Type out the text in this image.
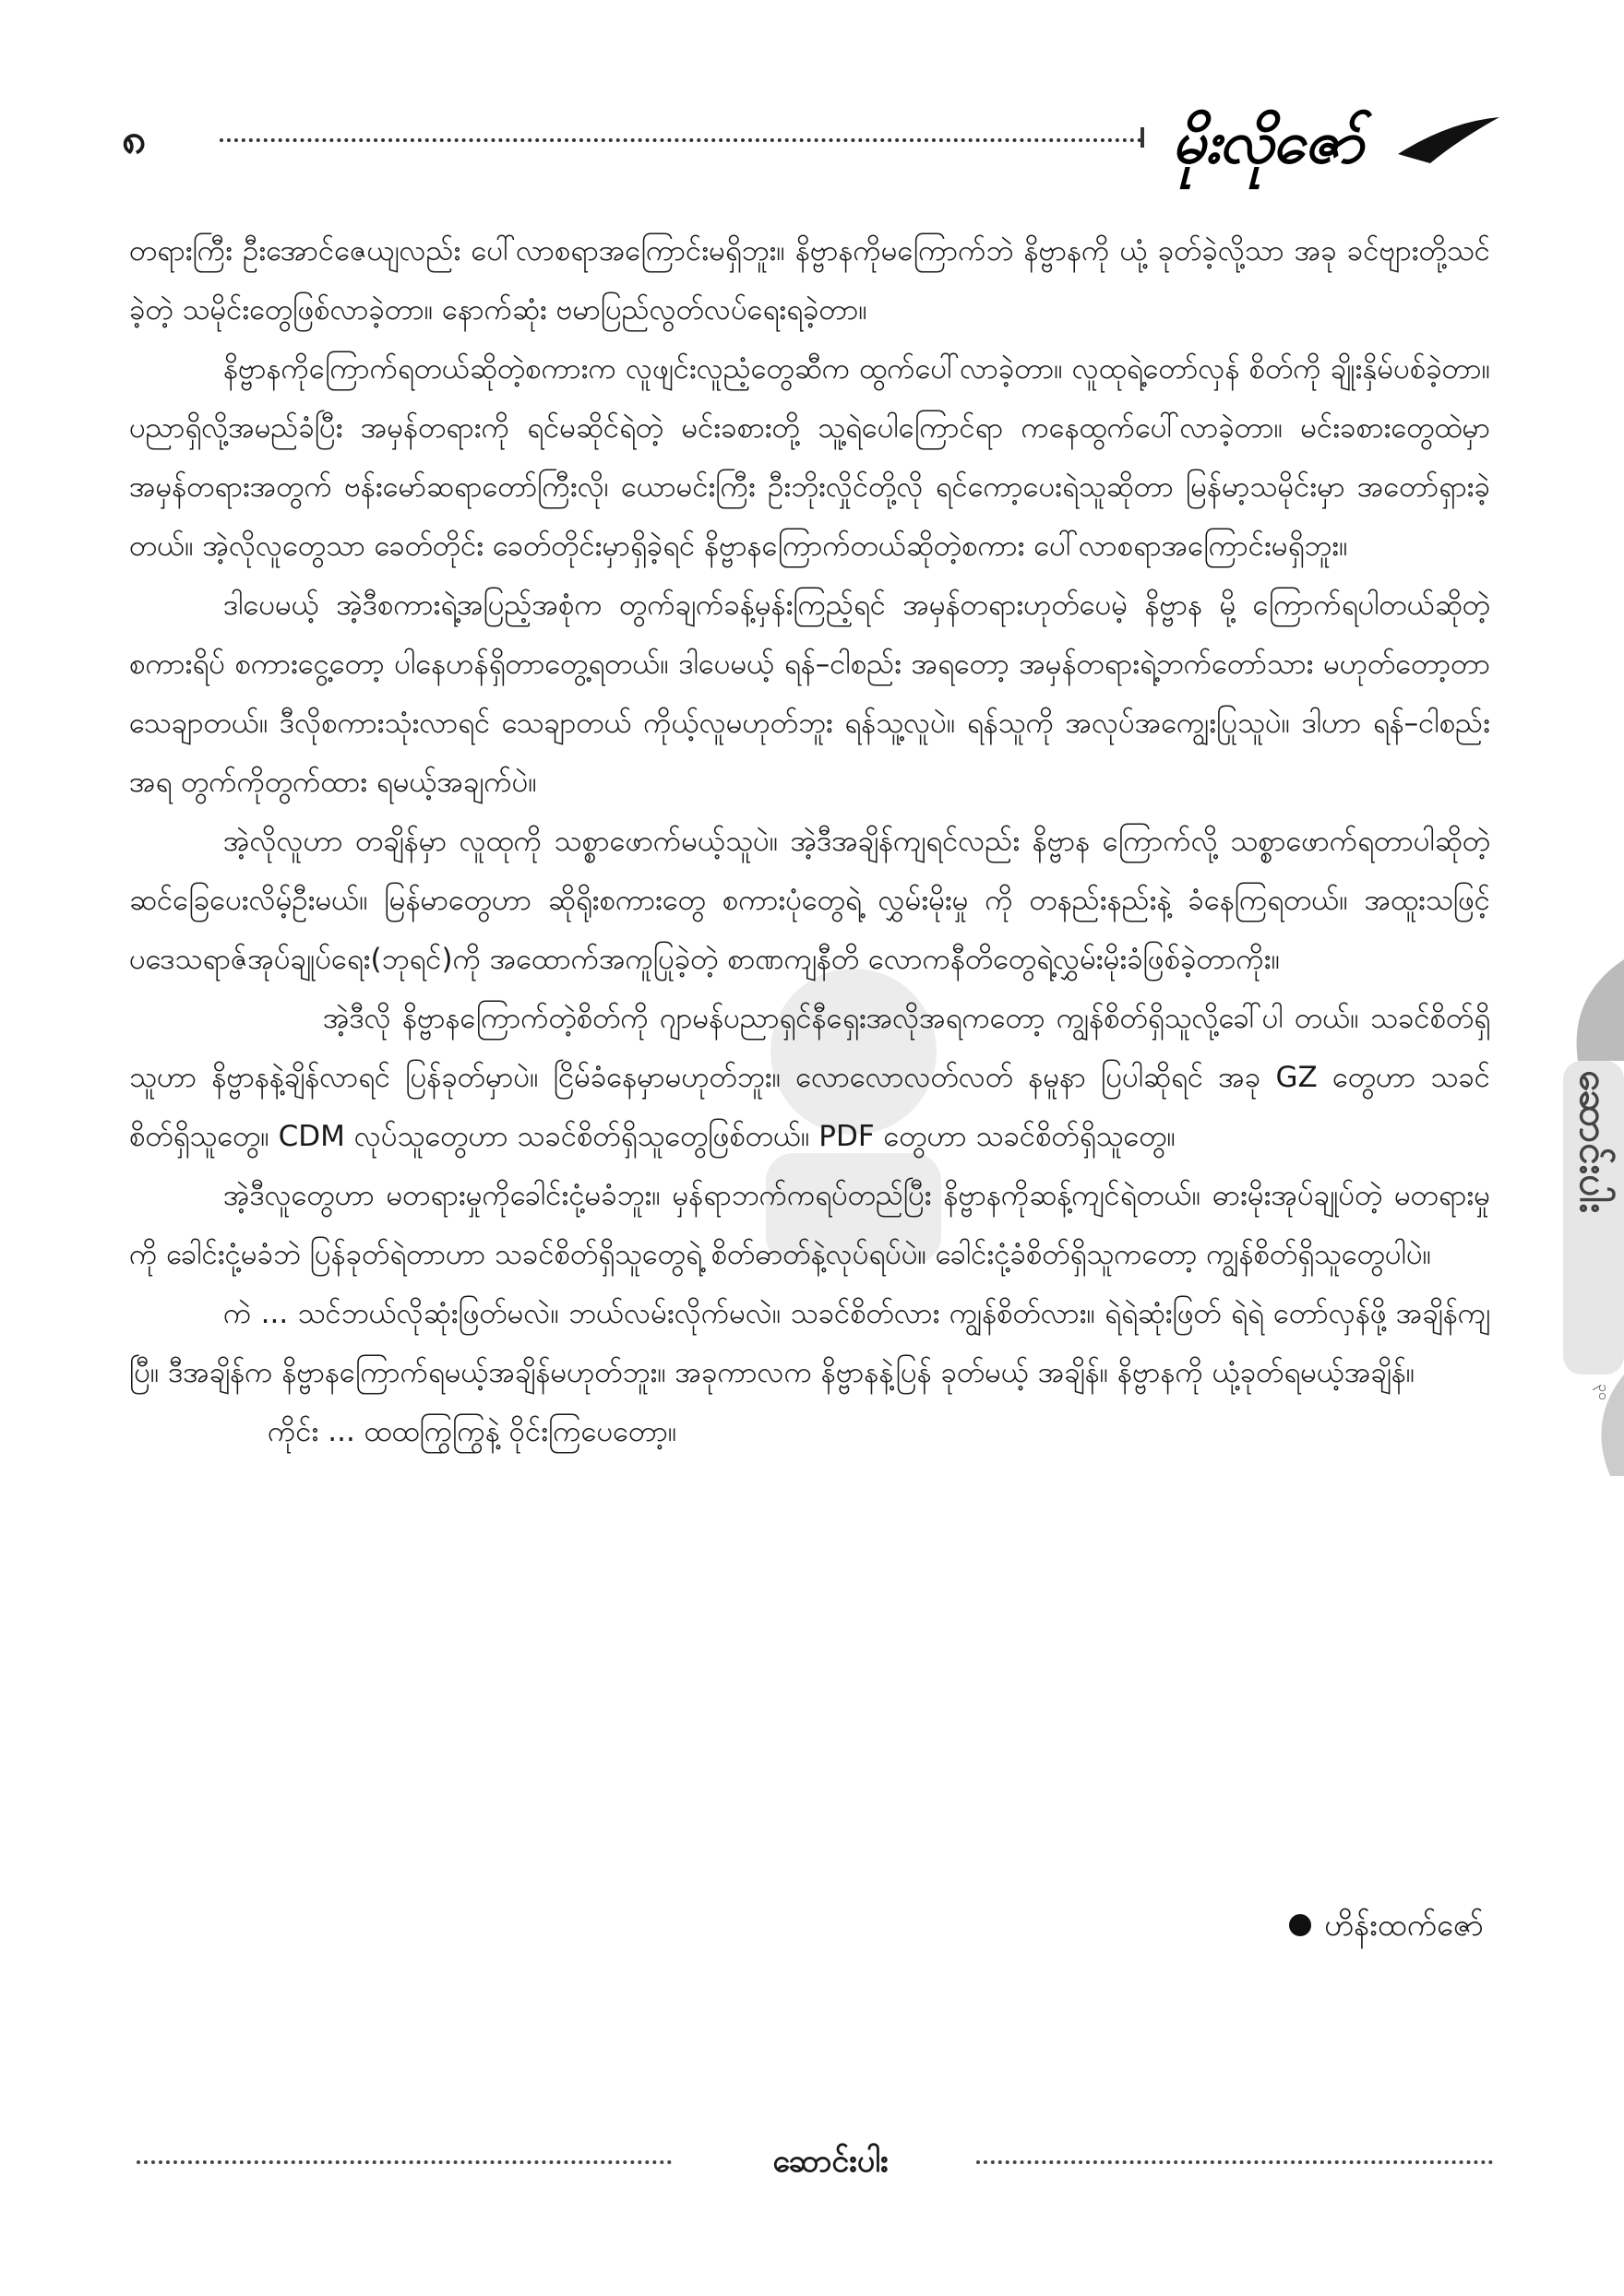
၈	မိုးလိုဇော်

တရားကြီး ဦးအောင်ဇေယျလည်း ပေါ်လာစရာအကြောင်းမရှိဘူး။ နိဗ္ဗာနကိုမကြောက်ဘဲ နိဗ္ဗာနကို ယုံ့ ခုတ်ခဲ့လို့သာ အခု ခင်ဗျားတို့သင်ခဲ့တဲ့ သမိုင်းတွေဖြစ်လာခဲ့တာ။ နောက်ဆုံး ဗမာပြည်လွတ်လပ်ရေးရခဲ့တာ။

နိဗ္ဗာနကိုကြောက်ရတယ်ဆိုတဲ့စကားက လူဖျင်းလူညံ့တွေဆီက ထွက်ပေါ်လာခဲ့တာ။ လူထုရဲ့တော်လှန် စိတ်ကို ချိုးနှိမ်ပစ်ခဲ့တာ။ ပညာရှိလို့အမည်ခံပြီး အမှန်တရားကို ရင်မဆိုင်ရဲတဲ့ မင်းခစားတို့ သူ့ရဲပေါကြောင်ရာ ကနေထွက်ပေါ်လာခဲ့တာ။ မင်းခစားတွေထဲမှာ အမှန်တရားအတွက် ဗန်းမော်ဆရာတော်ကြီးလို၊ ယောမင်းကြီး ဦးဘိုးလှိုင်တို့လို ရင်ကော့ပေးရဲသူဆိုတာ မြန်မာ့သမိုင်းမှာ အတော်ရှားခဲ့တယ်။ အဲ့လိုလူတွေသာ ခေတ်တိုင်း ခေတ်တိုင်းမှာရှိခဲ့ရင် နိဗ္ဗာနကြောက်တယ်ဆိုတဲ့စကား ပေါ်လာစရာအကြောင်းမရှိဘူး။

ဒါပေမယ့် အဲ့ဒီစကားရဲ့အပြည့်အစုံက တွက်ချက်ခန့်မှန်းကြည့်ရင် အမှန်တရားဟုတ်ပေမဲ့ နိဗ္ဗာန မို့ ကြောက်ရပါတယ်ဆိုတဲ့ စကားရိပ် စကားငွေ့တော့ ပါနေဟန်ရှိတာတွေ့ရတယ်။ ဒါပေမယ့် ရန်–ငါစည်း အရတော့ အမှန်တရားရဲ့ဘက်တော်သား မဟုတ်တော့တာသေချာတယ်။ ဒီလိုစကားသုံးလာရင် သေချာတယ် ကိုယ့်လူမဟုတ်ဘူး ရန်သူ့လူပဲ။ ရန်သူကို အလုပ်အကျွေးပြုသူပဲ။ ဒါဟာ ရန်–ငါစည်းအရ တွက်ကိုတွက်ထား ရမယ့်အချက်ပဲ။

အဲ့လိုလူဟာ တချိန်မှာ လူထုကို သစ္စာဖောက်မယ့်သူပဲ။ အဲ့ဒီအချိန်ကျရင်လည်း နိဗ္ဗာန ကြောက်လို့ သစ္စာဖောက်ရတာပါဆိုတဲ့ ဆင်ခြေပေးလိမ့်ဦးမယ်။ မြန်မာတွေဟာ ဆိုရိုးစကားတွေ စကားပုံတွေရဲ့ လွှမ်းမိုးမှု ကို တနည်းနည်းနဲ့ ခံနေကြရတယ်။ အထူးသဖြင့် ပဒေသရာဇ်အုပ်ချုပ်ရေး(ဘုရင်)ကို အထောက်အကူပြုခဲ့တဲ့ စာဏကျနီတိ လောကနီတိတွေရဲ့လွှမ်းမိုးခံဖြစ်ခဲ့တာကိုး။

အဲ့ဒီလို နိဗ္ဗာနကြောက်တဲ့စိတ်ကို ဂျာမန်ပညာရှင်နီရှေးအလိုအရကတော့ ကျွန်စိတ်ရှိသူလို့ခေါ်ပါ တယ်။ သခင်စိတ်ရှိသူဟာ နိဗ္ဗာနနဲ့ချိန်လာရင် ပြန်ခုတ်မှာပဲ။ ငြိမ်ခံနေမှာမဟုတ်ဘူး။ လောလောလတ်လတ် နမူနာ ပြပါဆိုရင် အခု GZ တွေဟာ သခင်စိတ်ရှိသူတွေ။ CDM လုပ်သူတွေဟာ သခင်စိတ်ရှိသူတွေဖြစ်တယ်။ PDF တွေဟာ သခင်စိတ်ရှိသူတွေ။

အဲ့ဒီလူတွေဟာ မတရားမှုကိုခေါင်းငုံ့မခံဘူး။ မှန်ရာဘက်ကရပ်တည်ပြီး နိဗ္ဗာနကိုဆန့်ကျင်ရဲတယ်။ ဓားမိုးအုပ်ချုပ်တဲ့ မတရားမှုကို ခေါင်းငုံ့မခံဘဲ ပြန်ခုတ်ရဲတာဟာ သခင်စိတ်ရှိသူတွေရဲ့ စိတ်ဓာတ်နဲ့လုပ်ရပ်ပဲ။ ခေါင်းငုံ့ခံစိတ်ရှိသူကတော့ ကျွန်စိတ်ရှိသူတွေပါပဲ။

ကဲ ... သင်ဘယ်လိုဆုံးဖြတ်မလဲ။ ဘယ်လမ်းလိုက်မလဲ။ သခင်စိတ်လား ကျွန်စိတ်လား။ ရဲရဲဆုံးဖြတ် ရဲရဲ တော်လှန်ဖို့ အချိန်ကျပြီ။ ဒီအချိန်က နိဗ္ဗာနကြောက်ရမယ့်အချိန်မဟုတ်ဘူး။ အခုကာလက နိဗ္ဗာနနဲ့ပြန် ခုတ်မယ့် အချိန်။ နိဗ္ဗာနကို ယုံ့ခုတ်ရမယ့်အချိန်။

ကိုင်း ... ထထကြွကြွနဲ့ ဝိုင်းကြပေတော့။

ဟိန်းထက်ဇော်
ဆောင်းပါး
၃၀
ဆောင်းပါး
